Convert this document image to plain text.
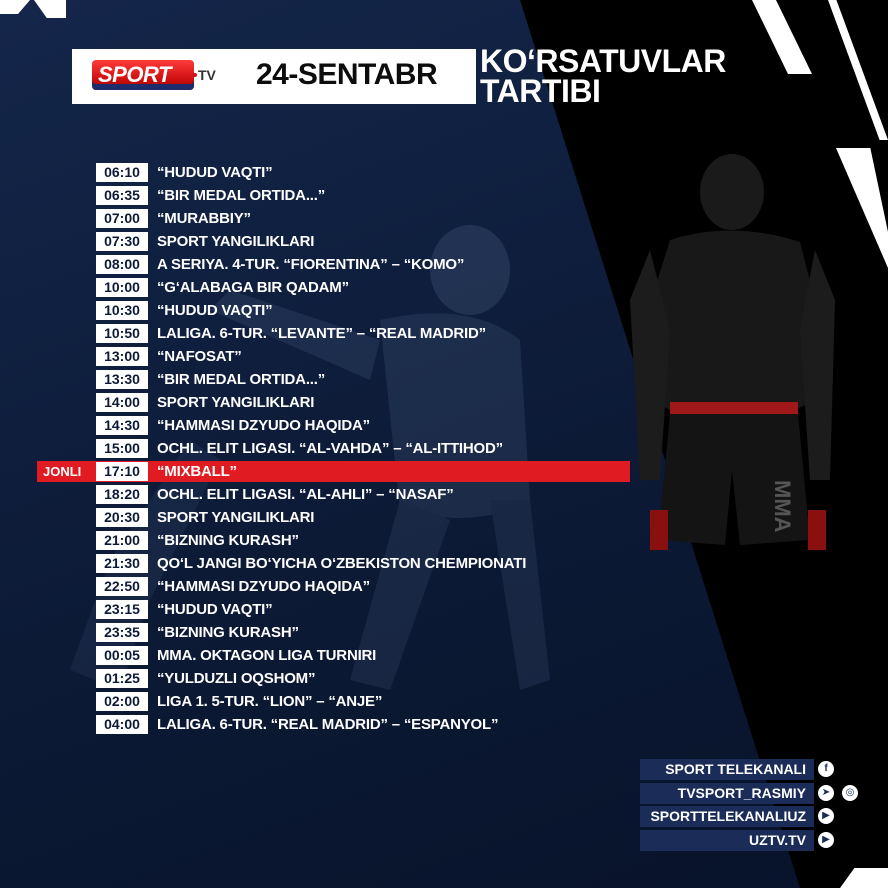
MMA
SPORT TV 24-SENTABR KO‘RSATUVLAR
TARTIBI
06:10	“HUDUD VAQTI”
06:35	“BIR MEDAL ORTIDA...”
07:00	“MURABBIY”
07:30	SPORT YANGILIKLARI
08:00	A SERIYA. 4-TUR. “FIORENTINA” – “KOMO”
10:00	“G‘ALABAGA BIR QADAM”
10:30	“HUDUD VAQTI”
10:50	LALIGA. 6-TUR. “LEVANTE” – “REAL MADRID”
13:00	“NAFOSAT”
13:30	“BIR MEDAL ORTIDA...”
14:00	SPORT YANGILIKLARI
14:30	“HAMMASI DZYUDO HAQIDA”
15:00	OCHL. ELIT LIGASI. “AL-VAHDA” – “AL-ITTIHOD”
JONLI	17:10	“MIXBALL”
18:20	OCHL. ELIT LIGASI. “AL-AHLI” – “NASAF”
20:30	SPORT YANGILIKLARI
21:00	“BIZNING KURASH”
21:30	QO‘L JANGI BO‘YICHA O‘ZBEKISTON CHEMPIONATI
22:50	“HAMMASI DZYUDO HAQIDA”
23:15	“HUDUD VAQTI”
23:35	“BIZNING KURASH”
00:05	MMA. OKTAGON LIGA TURNIRI
01:25	“YULDUZLI OQSHOM”
02:00	LIGA 1. 5-TUR. “LION” – “ANJE”
04:00	LALIGA. 6-TUR. “REAL MADRID” – “ESPANYOL”
SPORT TELEKANALI	f
TVSPORT_RASMIY	➤	◎
SPORTTELEKANALIUZ	▶
UZTV.TV	▶
